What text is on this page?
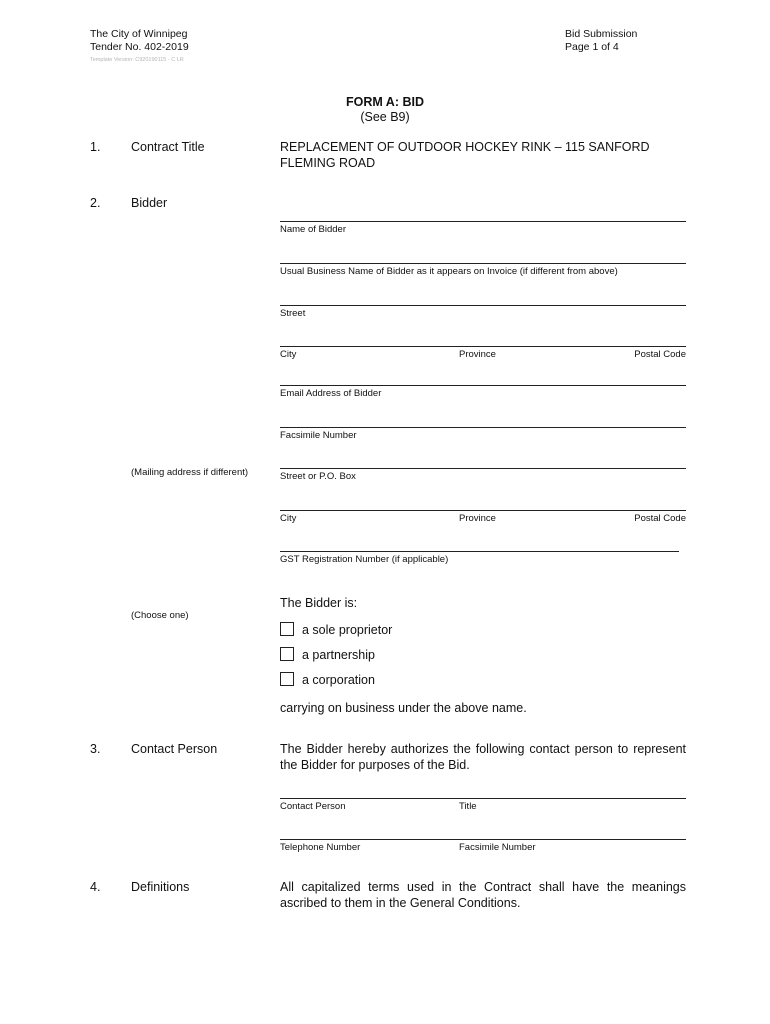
The City of Winnipeg
Tender No. 402-2019
Template Version: C920190115 - C LR
Bid Submission
Page 1 of 4
FORM A: BID
(See B9)
1. Contract Title	REPLACEMENT OF OUTDOOR HOCKEY RINK – 115 SANFORD FLEMING ROAD
2. Bidder
Name of Bidder
Usual Business Name of Bidder as it appears on Invoice (if different from above)
Street
City	Province	Postal Code
Email Address of Bidder
Facsimile Number
(Mailing address if different)	Street or P.O. Box
City	Province	Postal Code
GST Registration Number (if applicable)
(Choose one)
The Bidder is:
a sole proprietor
a partnership
a corporation
carrying on business under the above name.
3. Contact Person	The Bidder hereby authorizes the following contact person to represent the Bidder for purposes of the Bid.
Contact Person	Title
Telephone Number	Facsimile Number
4. Definitions	All capitalized terms used in the Contract shall have the meanings ascribed to them in the General Conditions.
